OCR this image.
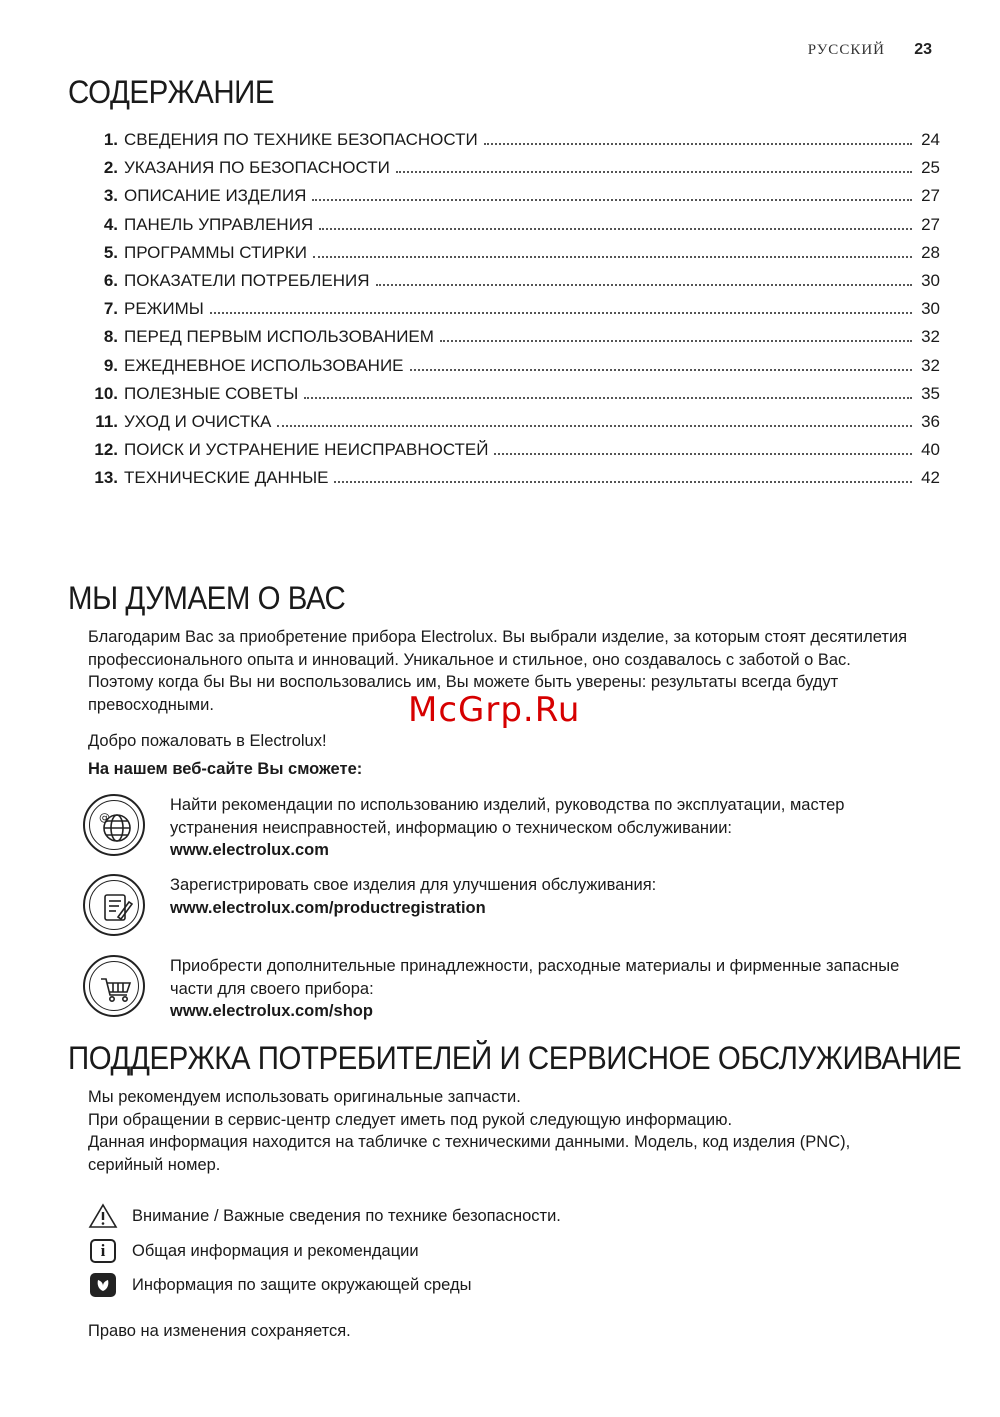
РУССКИЙ 23
СОДЕРЖАНИЕ
1. СВЕДЕНИЯ ПО ТЕХНИКЕ БЕЗОПАСНОСТИ	24
2. УКАЗАНИЯ ПО БЕЗОПАСНОСТИ	25
3. ОПИСАНИЕ ИЗДЕЛИЯ	27
4. ПАНЕЛЬ УПРАВЛЕНИЯ	27
5. ПРОГРАММЫ СТИРКИ	28
6. ПОКАЗАТЕЛИ ПОТРЕБЛЕНИЯ	30
7. РЕЖИМЫ	30
8. ПЕРЕД ПЕРВЫМ ИСПОЛЬЗОВАНИЕМ	32
9. ЕЖЕДНЕВНОЕ ИСПОЛЬЗОВАНИЕ	32
10. ПОЛЕЗНЫЕ СОВЕТЫ	35
11. УХОД И ОЧИСТКА	36
12. ПОИСК И УСТРАНЕНИЕ НЕИСПРАВНОСТЕЙ	40
13. ТЕХНИЧЕСКИЕ ДАННЫЕ	42
МЫ ДУМАЕМ О ВАС
Благодарим Вас за приобретение прибора Electrolux. Вы выбрали изделие, за которым стоят десятилетия
профессионального опыта и инноваций. Уникальное и стильное, оно создавалось с заботой о Вас.
Поэтому когда бы Вы ни воспользовались им, Вы можете быть уверены: результаты всегда будут
превосходными.
Добро пожаловать в Electrolux!
На нашем веб-сайте Вы сможете:
@
Найти рекомендации по использованию изделий, руководства по эксплуатации, мастер
устранения неисправностей, информацию о техническом обслуживании:
www.electrolux.com
Зарегистрировать свое изделия для улучшения обслуживания:
www.electrolux.com/productregistration
Приобрести дополнительные принадлежности, расходные материалы и фирменные запасные
части для своего прибора:
www.electrolux.com/shop
ПОДДЕРЖКА ПОТРЕБИТЕЛЕЙ И СЕРВИСНОЕ ОБСЛУЖИВАНИЕ
Мы рекомендуем использовать оригинальные запчасти.
При обращении в сервис-центр следует иметь под рукой следующую информацию.
Данная информация находится на табличке с техническими данными. Модель, код изделия (PNC),
серийный номер.
Внимание / Важные сведения по технике безопасности.
i	Общая информация и рекомендации
Информация по защите окружающей среды
Право на изменения сохраняется.
McGrp.Ru
